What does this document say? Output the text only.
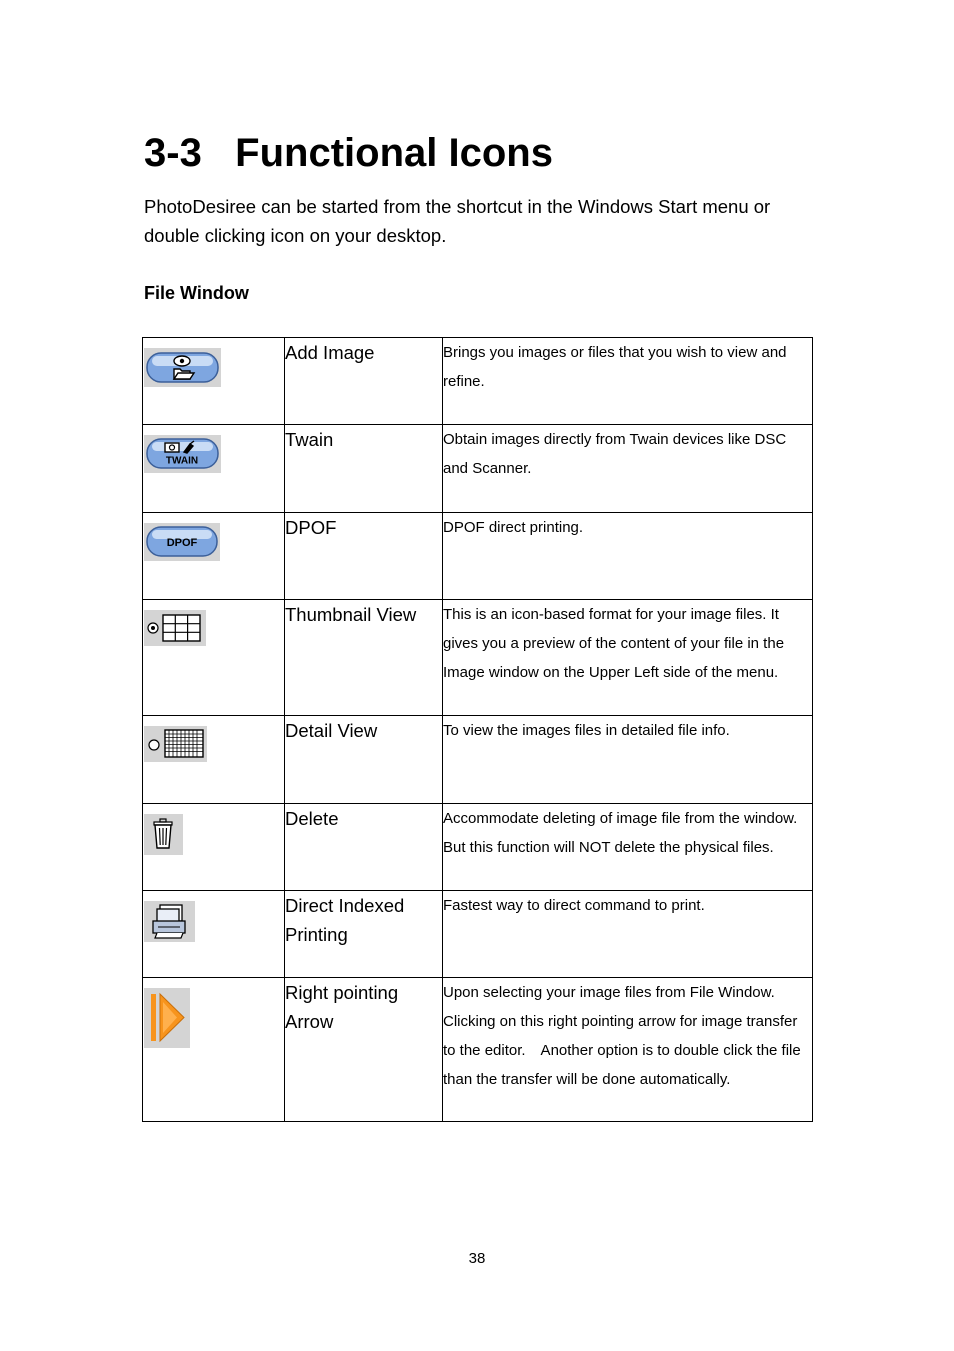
3-3 Functional Icons

PhotoDesiree can be started from the shortcut in the Windows Start menu or double clicking icon on your desktop.

File Window
	Add Image	Brings you images or files that you wish to view and refine.

TWAIN	Twain	Obtain images directly from Twain devices like DSC and Scanner.

DPOF	DPOF	DPOF direct printing.

	Thumbnail View	This is an icon-based format for your image files. It gives you a preview of the content of your file in the Image window on the Upper Left side of the menu.

	Detail View	To view the images files in detailed file info.

	Delete	Accommodate deleting of image file from the window.　But this function will NOT delete the physical files.

	Direct Indexed Printing	Fastest way to direct command to print.

	Right pointing Arrow	Upon selecting your image files from File Window. Clicking on this right pointing arrow for image transfer to the editor.　Another option is to double click the file than the transfer will be done automatically.
38
